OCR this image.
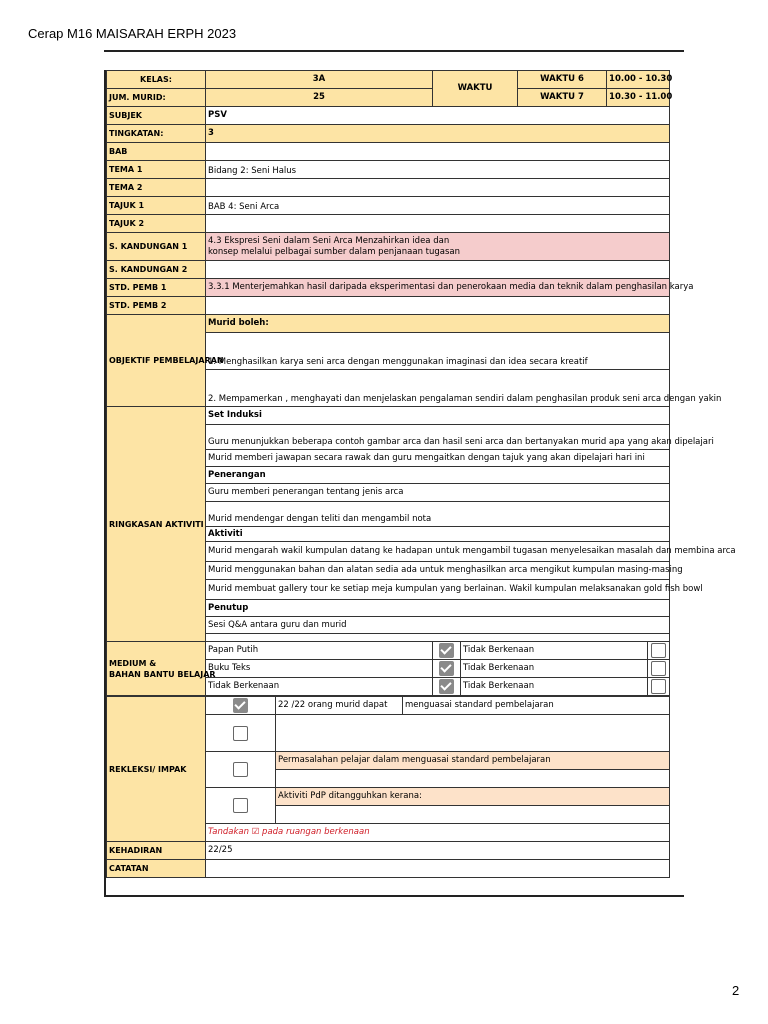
Cerap M16 MAISARAH ERPH 2023
KELAS:	3A	WAKTU		WAKTU 6	10.00 - 10.30	
JUM. MURID:	25			WAKTU 7	10.30 - 11.00	
SUBJEK	PSV					
TINGKATAN:	3					
BAB						
TEMA 1	Bidang 2: Seni Halus					
TEMA 2						
TAJUK 1	BAB 4: Seni Arca					
TAJUK 2						
S. KANDUNGAN 1	4.3 Ekspresi Seni dalam Seni Arca Menzahirkan idea dan
konsep melalui pelbagai sumber dalam penjanaan tugasan					

S. KANDUNGAN 2						
STD. PEMB 1	3.3.1 Menterjemahkan hasil daripada eksperimentasi dan penerokaan media dan teknik dalam penghasilan karya					
STD. PEMB 2						
OBJEKTIF PEMBELAJARAN	Murid boleh:					
	1. Menghasilkan karya seni arca dengan menggunakan imaginasi dan idea secara kreatif					
	2. Mempamerkan , menghayati dan menjelaskan pengalaman sendiri dalam penghasilan produk seni arca dengan yakin					
RINGKASAN AKTIVITI	Set Induksi					
	Guru menunjukkan beberapa contoh gambar arca dan hasil seni arca dan bertanyakan murid apa yang akan dipelajari					
	Murid memberi jawapan secara rawak dan guru mengaitkan dengan tajuk yang akan dipelajari hari ini					
	Penerangan					
	Guru memberi penerangan tentang jenis arca					
	Murid mendengar dengan teliti dan mengambil nota					
	Aktiviti					
	Murid mengarah wakil kumpulan datang ke hadapan untuk mengambil tugasan menyelesaikan masalah dan membina arca					
	Murid menggunakan bahan dan alatan sedia ada untuk menghasilkan arca mengikut kumpulan masing-masing					
	Murid membuat gallery tour ke setiap meja kumpulan yang berlainan. Wakil kumpulan melaksanakan gold fish bowl					
	Penutup					
	Sesi Q&A antara guru dan murid					

MEDIUM &
BAHAN BANTU BELAJAR	Papan Putih		Tidak Berkenaan			
	Buku Teks		Tidak Berkenaan			
	Tidak Berkenaan		Tidak Berkenaan			
REKLEKSI/ IMPAK		22 /22 orang murid dapat	menguasai standard pembelajaran

		Permasalahan pelajar dalam menguasai standard pembelajaran	

		Aktiviti PdP ditangguhkan kerana:	

	Tandakan ☑ pada ruangan berkenaan		

KEHADIRAN	22/25		
CATATAN			
2
